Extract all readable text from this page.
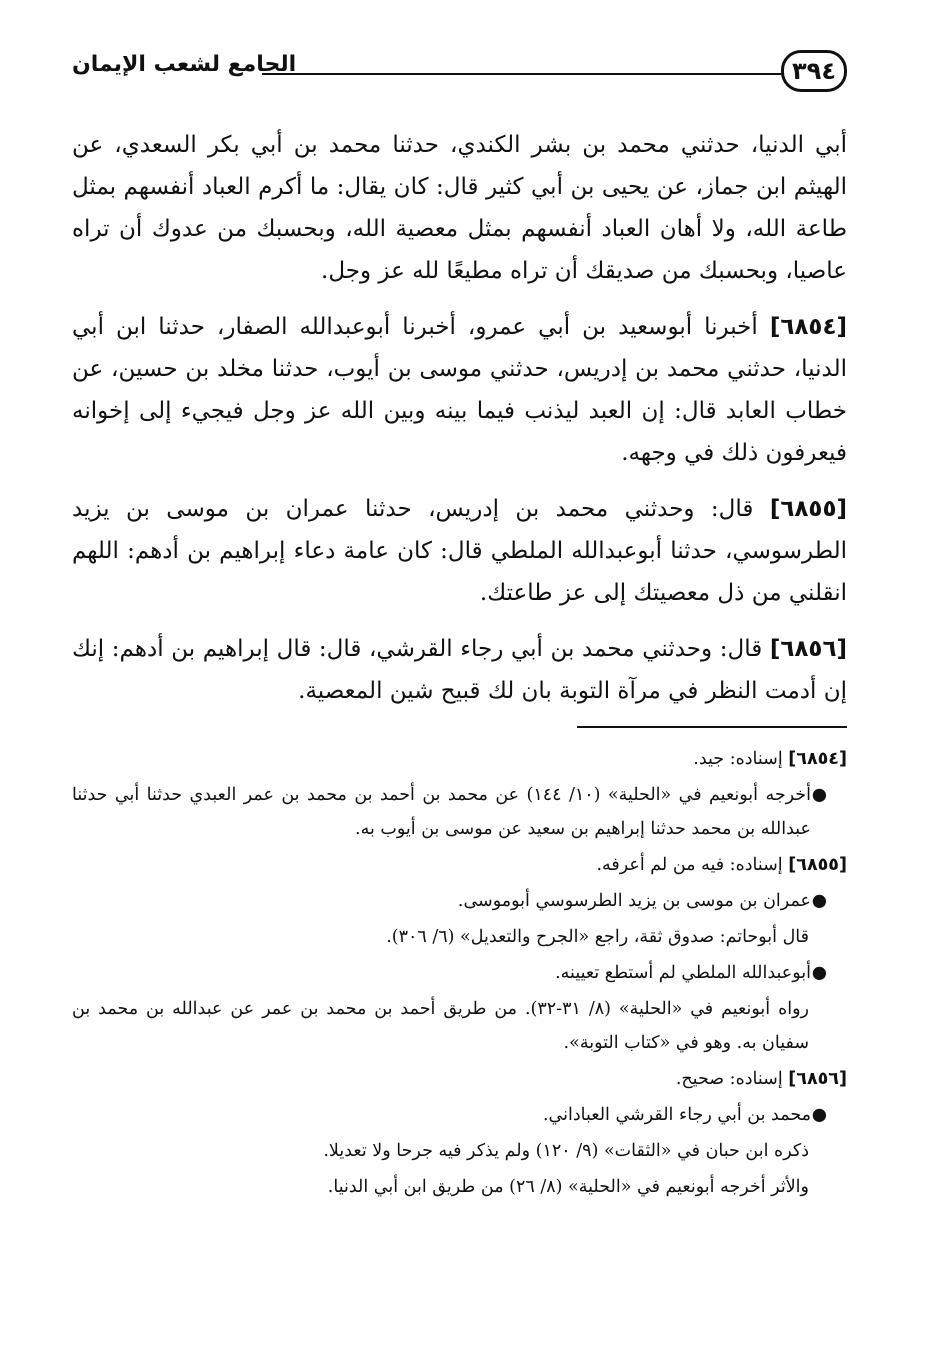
٣٩٤
الجامع لشعب الإيمان

أبي الدنيا، حدثني محمد بن بشر الكندي، حدثنا محمد بن أبي بكر السعدي، عن الهيثم ابن جماز، عن يحيى بن أبي كثير قال: كان يقال: ما أكرم العباد أنفسهم بمثل طاعة الله، ولا أهان العباد أنفسهم بمثل معصية الله، وبحسبك من عدوك أن تراه عاصيا، وبحسبك من صديقك أن تراه مطيعًا لله عز وجل.

[٦٨٥٤] أخبرنا أبوسعيد بن أبي عمرو، أخبرنا أبوعبدالله الصفار، حدثنا ابن أبي الدنيا، حدثني محمد بن إدريس، حدثني موسى بن أيوب، حدثنا مخلد بن حسين، عن خطاب العابد قال: إن العبد ليذنب فيما بينه وبين الله عز وجل فيجيء إلى إخوانه فيعرفون ذلك في وجهه.

[٦٨٥٥] قال: وحدثني محمد بن إدريس، حدثنا عمران بن موسى بن يزيد الطرسوسي، حدثنا أبوعبدالله الملطي قال: كان عامة دعاء إبراهيم بن أدهم: اللهم انقلني من ذل معصيتك إلى عز طاعتك.

[٦٨٥٦] قال: وحدثني محمد بن أبي رجاء القرشي، قال: قال إبراهيم بن أدهم: إنك إن أدمت النظر في مرآة التوبة بان لك قبيح شين المعصية.

[٦٨٥٤] إسناده: جيد.
●
أخرجه أبونعيم في «الحلية» (١٠/ ١٤٤) عن محمد بن أحمد بن محمد بن عمر العبدي حدثنا أبي حدثنا عبدالله بن محمد حدثنا إبراهيم بن سعيد عن موسى بن أيوب به.
[٦٨٥٥] إسناده: فيه من لم أعرفه.
●
عمران بن موسى بن يزيد الطرسوسي أبوموسى.
قال أبوحاتم: صدوق ثقة، راجع «الجرح والتعديل» (٦/ ٣٠٦).
●
أبوعبدالله الملطي لم أستطع تعيينه.
رواه أبونعيم في «الحلية» (٨/ ٣١-٣٢). من طريق أحمد بن محمد بن عمر عن عبدالله بن محمد بن سفيان به. وهو في «كتاب التوبة».
[٦٨٥٦] إسناده: صحيح.
●
محمد بن أبي رجاء القرشي العباداني.
ذكره ابن حبان في «الثقات» (٩/ ١٢٠) ولم يذكر فيه جرحا ولا تعديلا.
والأثر أخرجه أبونعيم في «الحلية» (٨/ ٢٦) من طريق ابن أبي الدنيا.
